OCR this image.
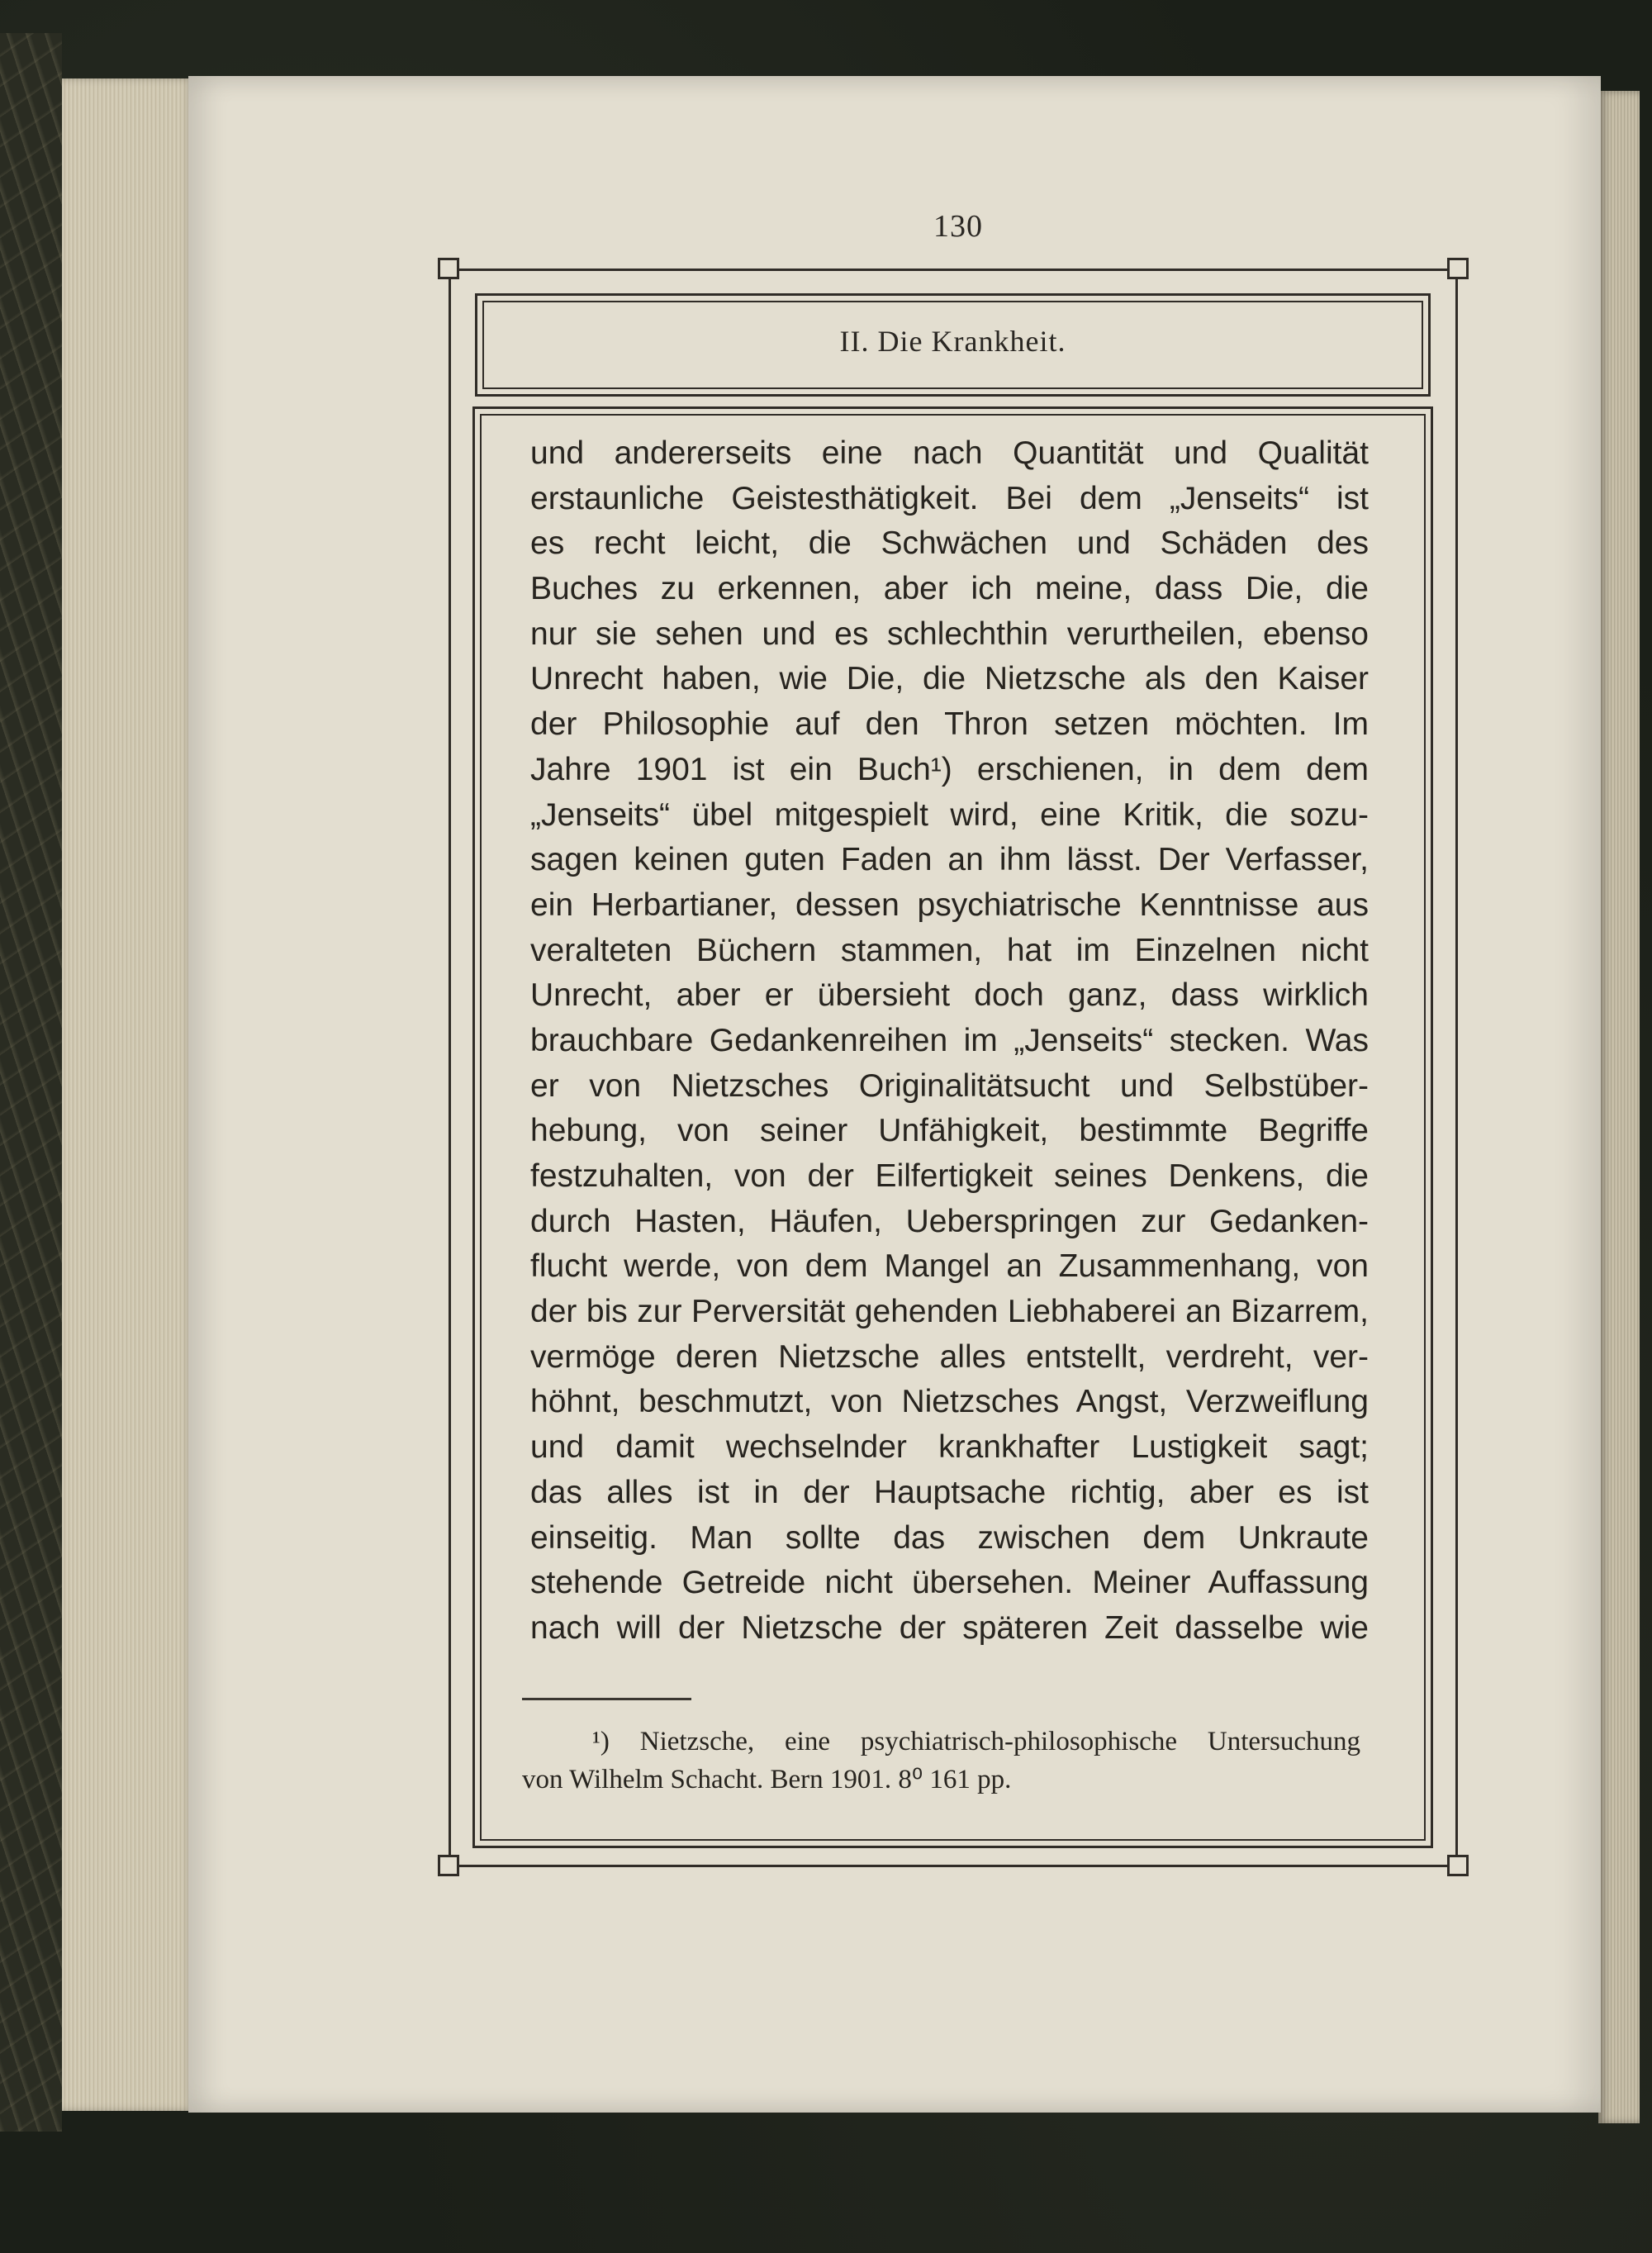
130
II. Die Krankheit.
und andererseits eine nach Quantität und Qualität
erstaunliche Geistesthätigkeit. Bei dem „Jenseits“ ist
es recht leicht, die Schwächen und Schäden des
Buches zu erkennen, aber ich meine, dass Die, die
nur sie sehen und es schlechthin verurtheilen, ebenso
Unrecht haben, wie Die, die Nietzsche als den Kaiser
der Philosophie auf den Thron setzen möchten. Im
Jahre 1901 ist ein Buch¹) erschienen, in dem dem
„Jenseits“ übel mitgespielt wird, eine Kritik, die sozu-
sagen keinen guten Faden an ihm lässt. Der Verfasser,
ein Herbartianer, dessen psychiatrische Kenntnisse aus
veralteten Büchern stammen, hat im Einzelnen nicht
Unrecht, aber er übersieht doch ganz, dass wirklich
brauchbare Gedankenreihen im „Jenseits“ stecken. Was
er von Nietzsches Originalitätsucht und Selbstüber-
hebung, von seiner Unfähigkeit, bestimmte Begriffe
festzuhalten, von der Eilfertigkeit seines Denkens, die
durch Hasten, Häufen, Ueberspringen zur Gedanken-
flucht werde, von dem Mangel an Zusammenhang, von
der bis zur Perversität gehenden Liebhaberei an Bizarrem,
vermöge deren Nietzsche alles entstellt, verdreht, ver-
höhnt, beschmutzt, von Nietzsches Angst, Verzweiflung
und damit wechselnder krankhafter Lustigkeit sagt;
das alles ist in der Hauptsache richtig, aber es ist
einseitig. Man sollte das zwischen dem Unkraute
stehende Getreide nicht übersehen. Meiner Auffassung
nach will der Nietzsche der späteren Zeit dasselbe wie
¹) Nietzsche, eine psychiatrisch-philosophische Untersuchung
von Wilhelm Schacht. Bern 1901. 8⁰ 161 pp.
